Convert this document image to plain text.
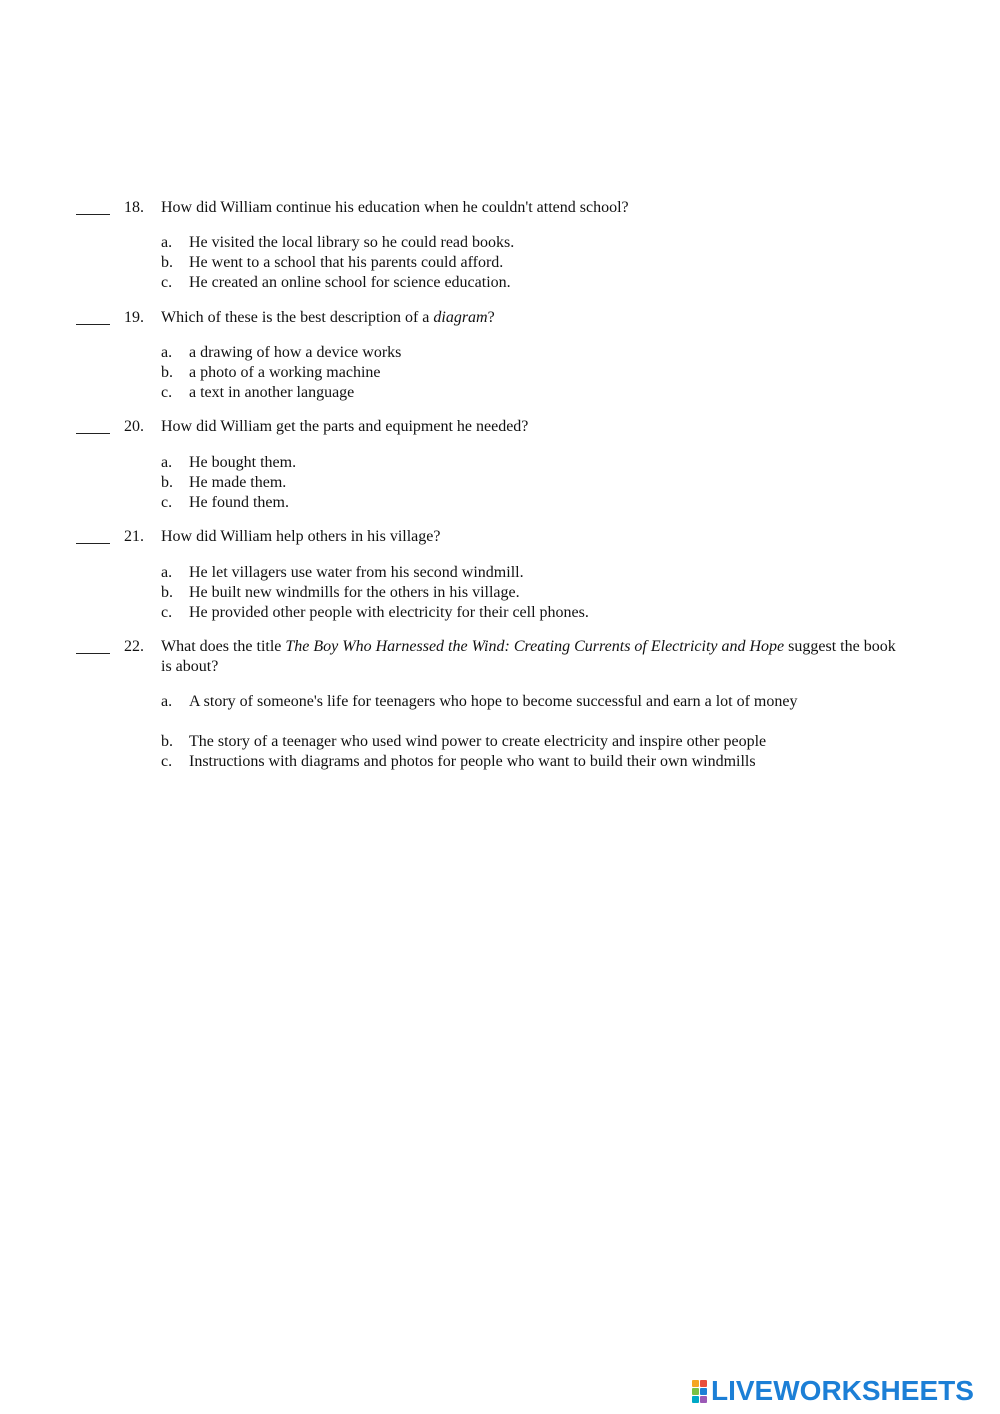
18. How did William continue his education when he couldn't attend school?
a. He visited the local library so he could read books.
b. He went to a school that his parents could afford.
c. He created an online school for science education.
19. Which of these is the best description of a diagram?
a. a drawing of how a device works
b. a photo of a working machine
c. a text in another language
20. How did William get the parts and equipment he needed?
a. He bought them.
b. He made them.
c. He found them.
21. How did William help others in his village?
a. He let villagers use water from his second windmill.
b. He built new windmills for the others in his village.
c. He provided other people with electricity for their cell phones.
22. What does the title The Boy Who Harnessed the Wind: Creating Currents of Electricity and Hope suggest the book is about?
a. A story of someone's life for teenagers who hope to become successful and earn a lot of money
b. The story of a teenager who used wind power to create electricity and inspire other people
c. Instructions with diagrams and photos for people who want to build their own windmills
LIVEWORKSHEETS
